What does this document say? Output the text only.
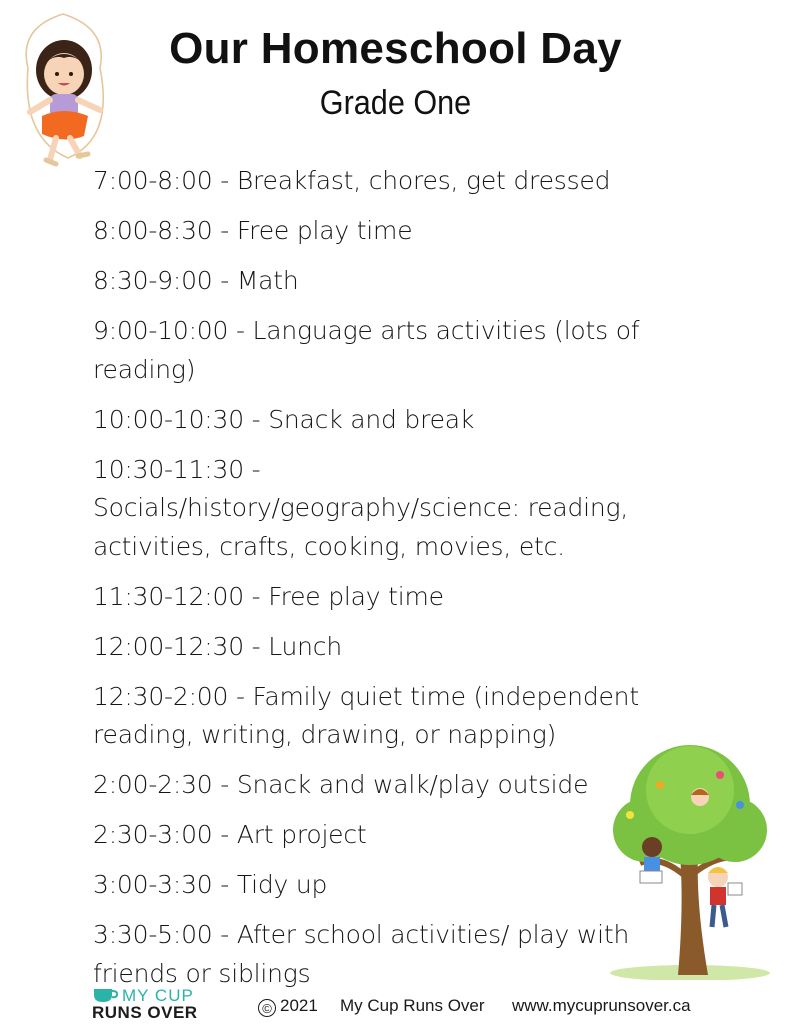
Our Homeschool Day
Grade One
7:00-8:00 - Breakfast, chores, get dressed
8:00-8:30 - Free play time
8:30-9:00 - Math
9:00-10:00 - Language arts activities (lots of reading)
10:00-10:30 - Snack and break
10:30-11:30 - Socials/history/geography/science: reading, activities, crafts, cooking, movies, etc.
11:30-12:00 - Free play time
12:00-12:30 - Lunch
12:30-2:00 - Family quiet time (independent reading, writing, drawing, or napping)
2:00-2:30 - Snack and walk/play outside
2:30-3:00 - Art project
3:00-3:30 - Tidy up
3:30-5:00 - After school activities/ play with friends or siblings
MY CUP
RUNS OVER	© 2021 My Cup Runs Over www.mycuprunsover.ca
